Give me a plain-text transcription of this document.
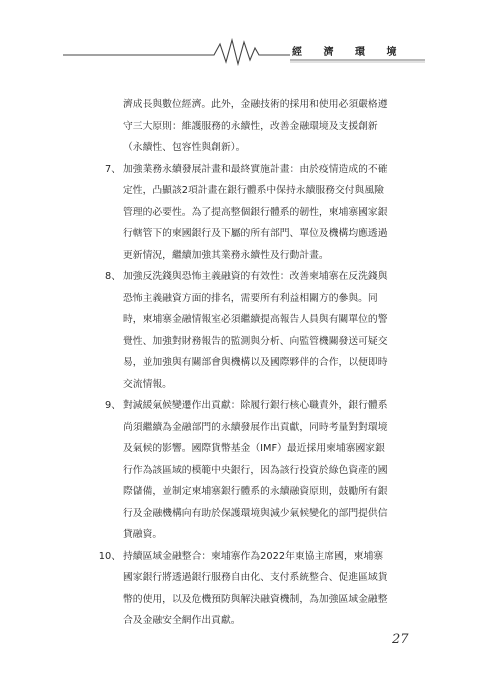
經 濟 環 境
濟成長與數位經濟。此外，金融技術的採用和使用必須嚴格遵守三大原則：維護服務的永續性，改善金融環境及支援創新（永續性、包容性與創新）。
7、 加強業務永續發展計畫和最終實施計畫：由於疫情造成的不確定性，凸顯該2項計畫在銀行體系中保持永續服務交付與風險管理的必要性。為了提高整個銀行體系的韌性，柬埔寨國家銀行轄管下的柬國銀行及下屬的所有部門、單位及機構均應透過更新情況，繼續加強其業務永續性及行動計畫。
8、 加強反洗錢與恐怖主義融資的有效性：改善柬埔寨在反洗錢與恐怖主義融資方面的排名，需要所有利益相關方的參與。同時，柬埔寨金融情報室必須繼續提高報告人員與有關單位的警覺性、加強對財務報告的監測與分析、向監管機關發送可疑交易，並加強與有關部會與機構以及國際夥伴的合作，以便即時交流情報。
9、 對減緩氣候變遷作出貢獻：除履行銀行核心職責外，銀行體系尚須繼續為金融部門的永續發展作出貢獻，同時考量對對環境及氣候的影響。國際貨幣基金（IMF）最近採用柬埔寨國家銀行作為該區域的模範中央銀行，因為該行投資於綠色資產的國際儲備，並制定柬埔寨銀行體系的永續融資原則，鼓勵所有銀行及金融機構向有助於保護環境與減少氣候變化的部門提供信貸融資。
10、 持續區域金融整合：柬埔寨作為2022年東協主席國，柬埔寨國家銀行將透過銀行服務自由化、支付系統整合、促進區域貨幣的使用，以及危機預防與解決融資機制，為加強區域金融整合及金融安全網作出貢獻。
27
